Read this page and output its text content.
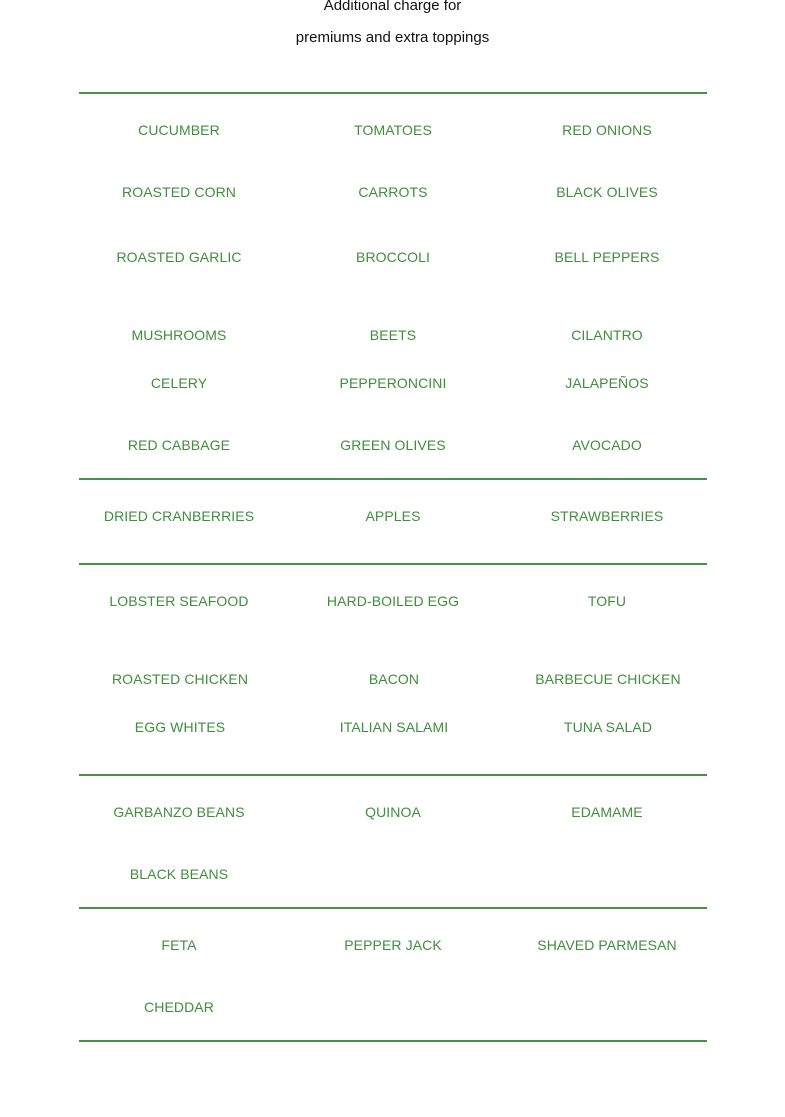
Additional charge for

premiums and extra toppings

CUCUMBER	TOMATOES	RED ONIONS
ROASTED CORN	CARROTS	BLACK OLIVES
ROASTED GARLIC	BROCCOLI	BELL PEPPERS
MUSHROOMS	BEETS	CILANTRO
CELERY	PEPPERONCINI	JALAPEÑOS
RED CABBAGE	GREEN OLIVES	AVOCADO
DRIED CRANBERRIES	APPLES	STRAWBERRIES
LOBSTER SEAFOOD	HARD-BOILED EGG	TOFU
ROASTED CHICKEN	BACON	BARBECUE CHICKEN
EGG WHITES	ITALIAN SALAMI	TUNA SALAD
GARBANZO BEANS	QUINOA	EDAMAME
BLACK BEANS
FETA	PEPPER JACK	SHAVED PARMESAN
CHEDDAR
